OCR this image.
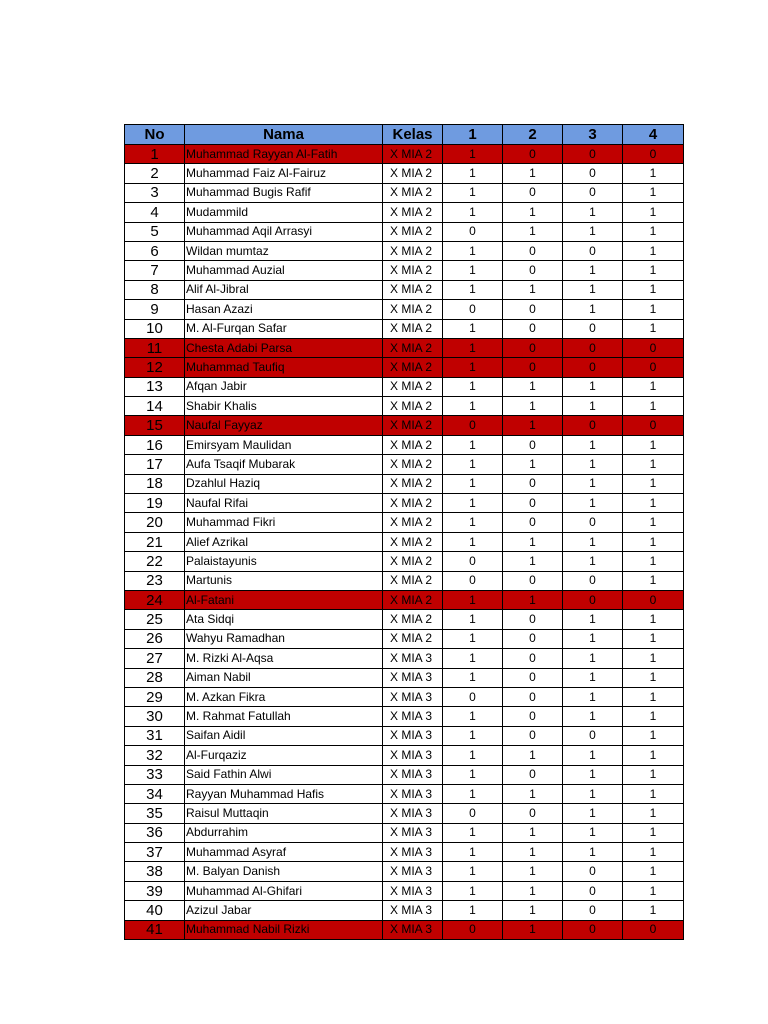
No	Nama	Kelas	1	2	3	4
1	Muhammad Rayyan Al-Fatih	X MIA 2	1	0	0	0
2	Muhammad Faiz Al-Fairuz	X MIA 2	1	1	0	1
3	Muhammad Bugis Rafif	X MIA 2	1	0	0	1
4	Mudammild	X MIA 2	1	1	1	1
5	Muhammad Aqil Arrasyi	X MIA 2	0	1	1	1
6	Wildan mumtaz	X MIA 2	1	0	0	1
7	Muhammad Auzial	X MIA 2	1	0	1	1
8	Alif Al-Jibral	X MIA 2	1	1	1	1
9	Hasan Azazi	X MIA 2	0	0	1	1
10	M. Al-Furqan Safar	X MIA 2	1	0	0	1
11	Chesta Adabi Parsa	X MIA 2	1	0	0	0
12	Muhammad Taufiq	X MIA 2	1	0	0	0
13	Afqan Jabir	X MIA 2	1	1	1	1
14	Shabir Khalis	X MIA 2	1	1	1	1
15	Naufal Fayyaz	X MIA 2	0	1	0	0
16	Emirsyam Maulidan	X MIA 2	1	0	1	1
17	Aufa Tsaqif Mubarak	X MIA 2	1	1	1	1
18	Dzahlul Haziq	X MIA 2	1	0	1	1
19	Naufal Rifai	X MIA 2	1	0	1	1
20	Muhammad Fikri	X MIA 2	1	0	0	1
21	Alief Azrikal	X MIA 2	1	1	1	1
22	Palaistayunis	X MIA 2	0	1	1	1
23	Martunis	X MIA 2	0	0	0	1
24	Al-Fatani	X MIA 2	1	1	0	0
25	Ata Sidqi	X MIA 2	1	0	1	1
26	Wahyu Ramadhan	X MIA 2	1	0	1	1
27	M. Rizki Al-Aqsa	X MIA 3	1	0	1	1
28	Aiman Nabil	X MIA 3	1	0	1	1
29	M. Azkan Fikra	X MIA 3	0	0	1	1
30	M. Rahmat Fatullah	X MIA 3	1	0	1	1
31	Saifan Aidil	X MIA 3	1	0	0	1
32	Al-Furqaziz	X MIA 3	1	1	1	1
33	Said Fathin Alwi	X MIA 3	1	0	1	1
34	Rayyan Muhammad Hafis	X MIA 3	1	1	1	1
35	Raisul Muttaqin	X MIA 3	0	0	1	1
36	Abdurrahim	X MIA 3	1	1	1	1
37	Muhammad Asyraf	X MIA 3	1	1	1	1
38	M. Balyan Danish	X MIA 3	1	1	0	1
39	Muhammad Al-Ghifari	X MIA 3	1	1	0	1
40	Azizul Jabar	X MIA 3	1	1	0	1
41	Muhammad Nabil Rizki	X MIA 3	0	1	0	0
